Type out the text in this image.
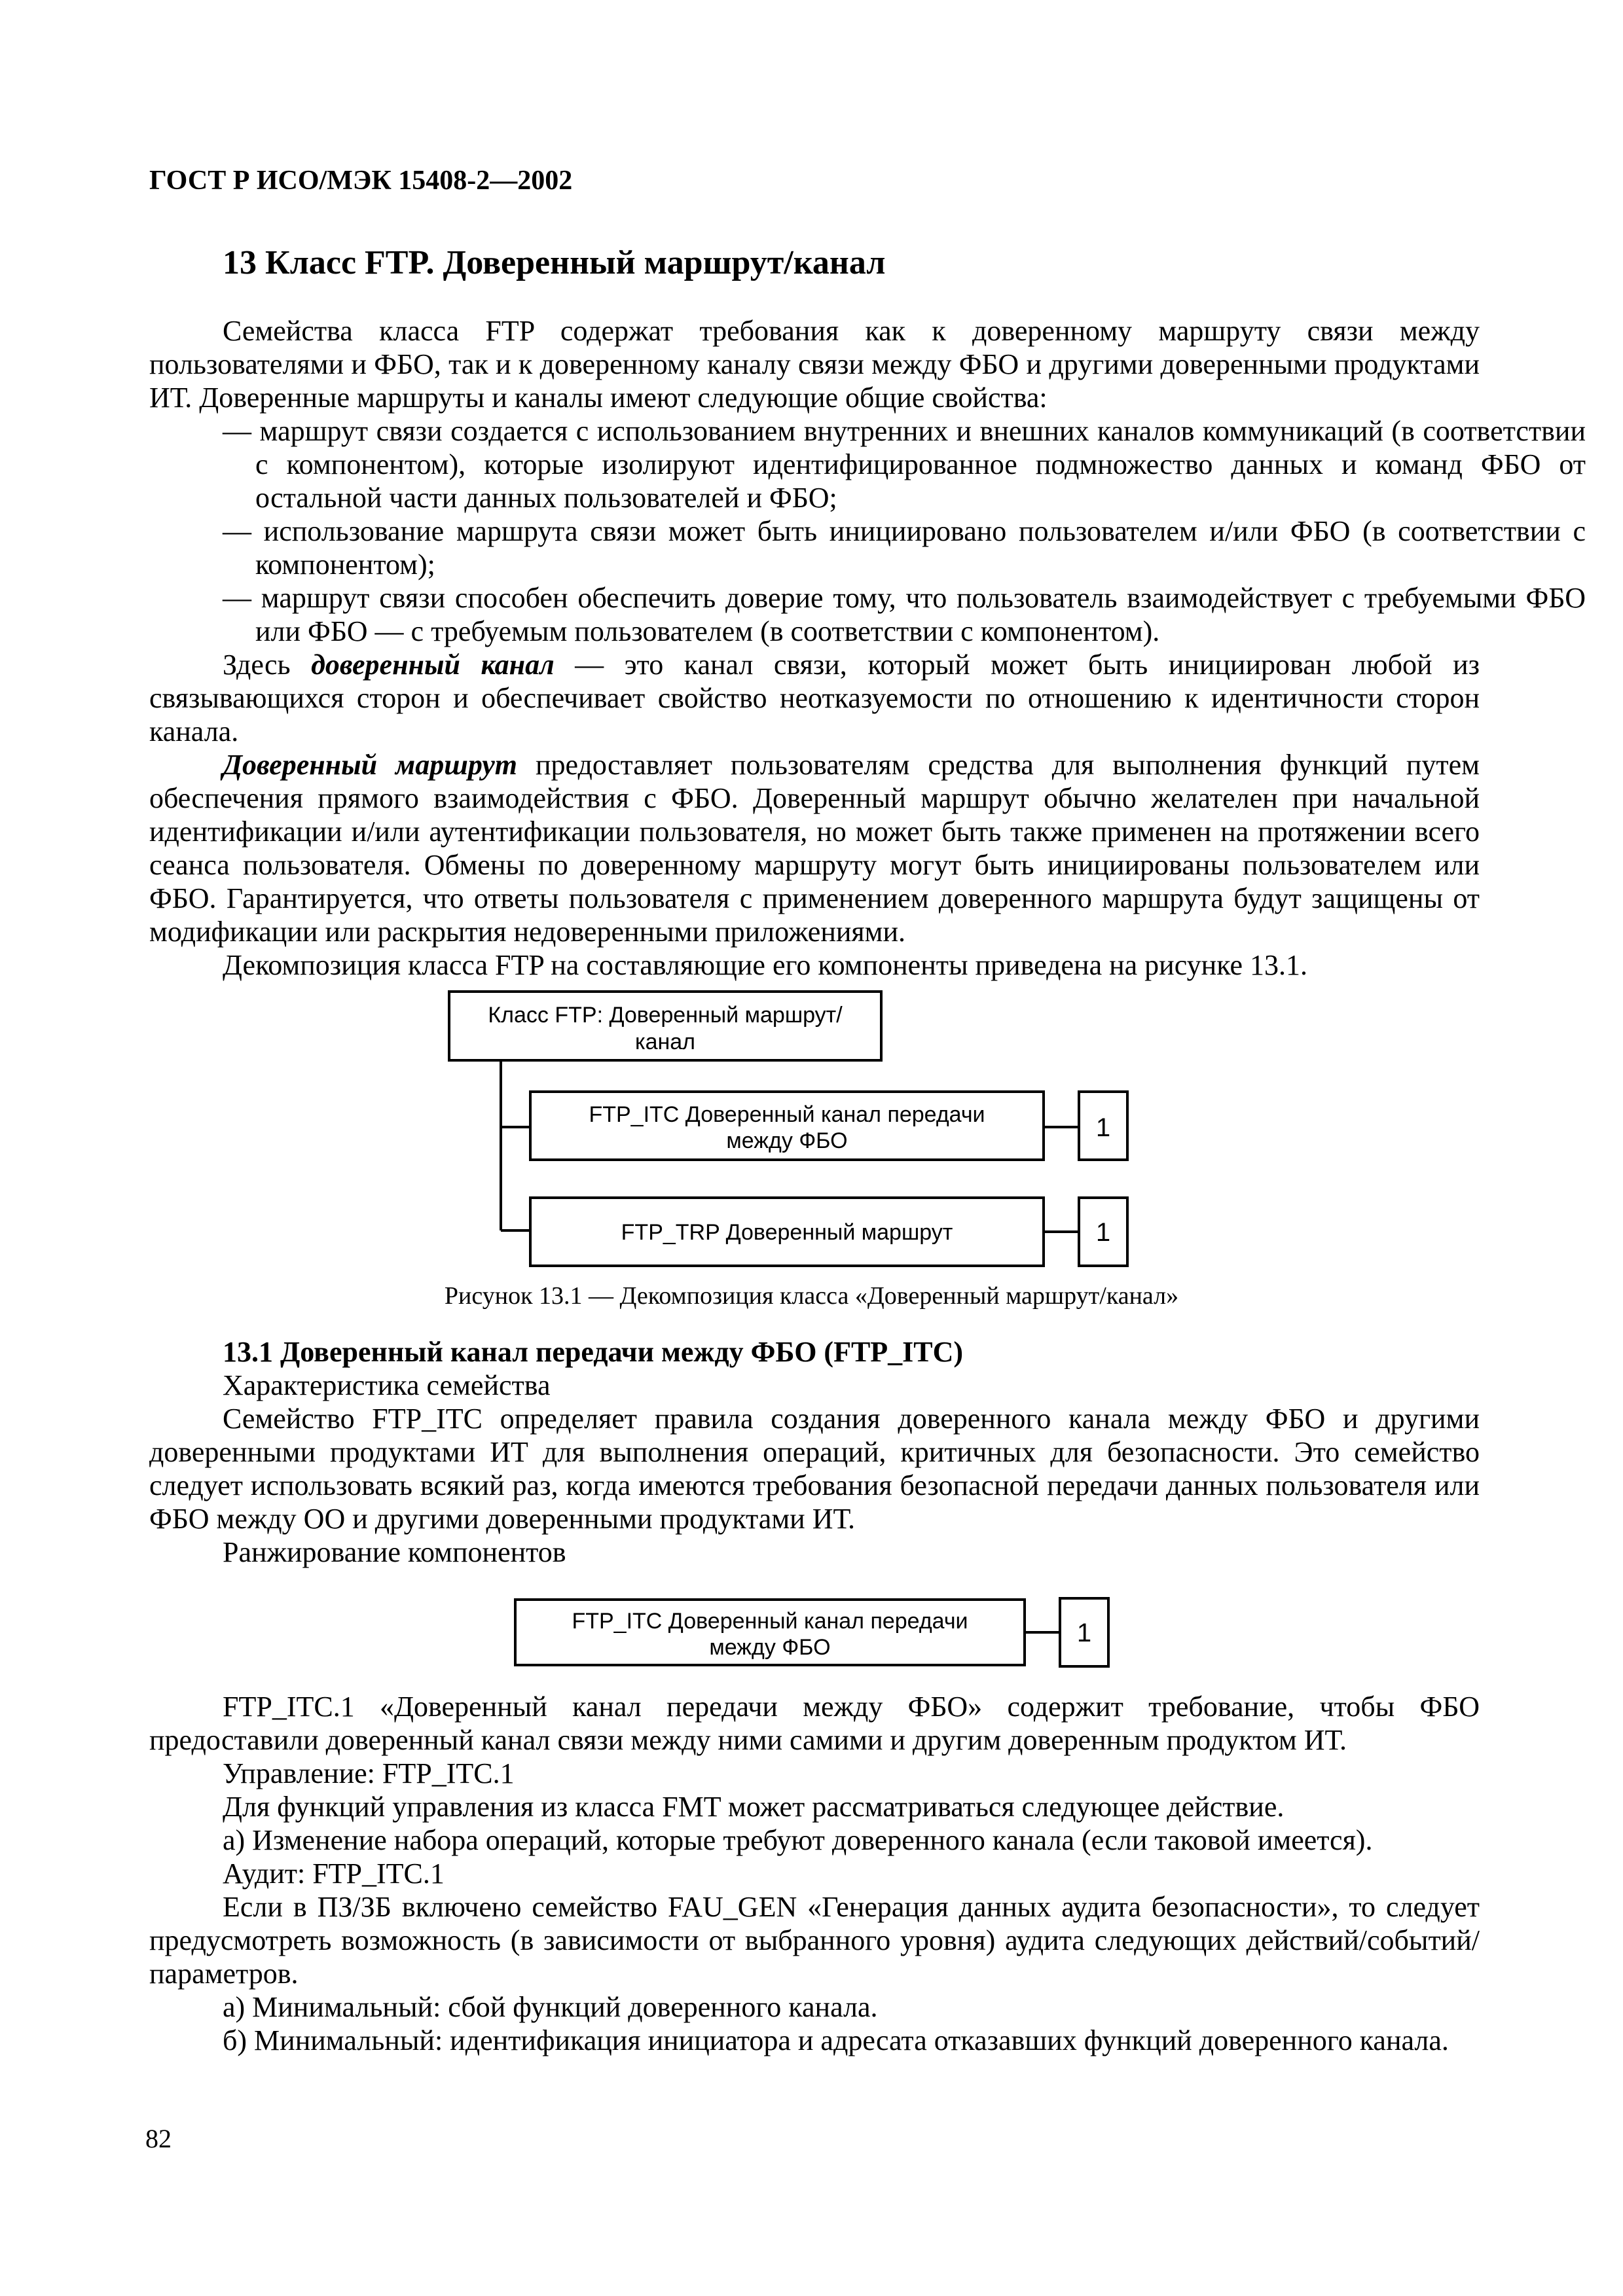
ГОСТ Р ИСО/МЭК 15408-2—2002
13 Класс FTP. Доверенный маршрут/канал
Семейства класса FTP содержат требования как к доверенному маршруту связи между пользователями и ФБО, так и к доверенному каналу связи между ФБО и другими доверенными продуктами ИТ. Доверенные маршруты и каналы имеют следующие общие свойства:
— маршрут связи создается с использованием внутренних и внешних каналов коммуникаций (в соответствии с компонентом), которые изолируют идентифицированное подмножество данных и команд ФБО от остальной части данных пользователей и ФБО;
— использование маршрута связи может быть инициировано пользователем и/или ФБО (в соответствии с компонентом);
— маршрут связи способен обеспечить доверие тому, что пользователь взаимодействует с требуемыми ФБО или ФБО — с требуемым пользователем (в соответствии с компонентом).
Здесь доверенный канал — это канал связи, который может быть инициирован любой из связывающихся сторон и обеспечивает свойство неотказуемости по отношению к идентичности сторон канала.
Доверенный маршрут предоставляет пользователям средства для выполнения функций путем обеспечения прямого взаимодействия с ФБО. Доверенный маршрут обычно желателен при начальной идентификации и/или аутентификации пользователя, но может быть также применен на протяжении всего сеанса пользователя. Обмены по доверенному маршруту могут быть инициированы пользователем или ФБО. Гарантируется, что ответы пользователя с применением доверенного маршрута будут защищены от модификации или раскрытия недоверенными приложениями.
Декомпозиция класса FTP на составляющие его компоненты приведена на рисунке 13.1.
Класс FTP: Доверенный маршрут/
канал
FTP_ITC Доверенный канал передачи
между ФБО	1
FTP_TRP Доверенный маршрут	1
FTP_ITC Доверенный канал передачи
между ФБО	1
Рисунок 13.1 — Декомпозиция класса «Доверенный маршрут/канал»
13.1 Доверенный канал передачи между ФБО (FTP_ITC)
Характеристика семейства
Семейство FTP_ITC определяет правила создания доверенного канала между ФБО и другими доверенными продуктами ИТ для выполнения операций, критичных для безопасности. Это семейство следует использовать всякий раз, когда имеются требования безопасной передачи данных пользователя или ФБО между ОО и другими доверенными продуктами ИТ.
Ранжирование компонентов
FTP_ITC.1 «Доверенный канал передачи между ФБО» содержит требование, чтобы ФБО предоставили доверенный канал связи между ними самими и другим доверенным продуктом ИТ.
Управление: FTP_ITC.1
Для функций управления из класса FMT может рассматриваться следующее действие.
а) Изменение набора операций, которые требуют доверенного канала (если таковой имеется).
Аудит: FTP_ITC.1
Если в ПЗ/ЗБ включено семейство FAU_GEN «Генерация данных аудита безопасности», то следует предусмотреть возможность (в зависимости от выбранного уровня) аудита следующих действий/событий/параметров.
а) Минимальный: сбой функций доверенного канала.
б) Минимальный: идентификация инициатора и адресата отказавших функций доверенного канала.
82
